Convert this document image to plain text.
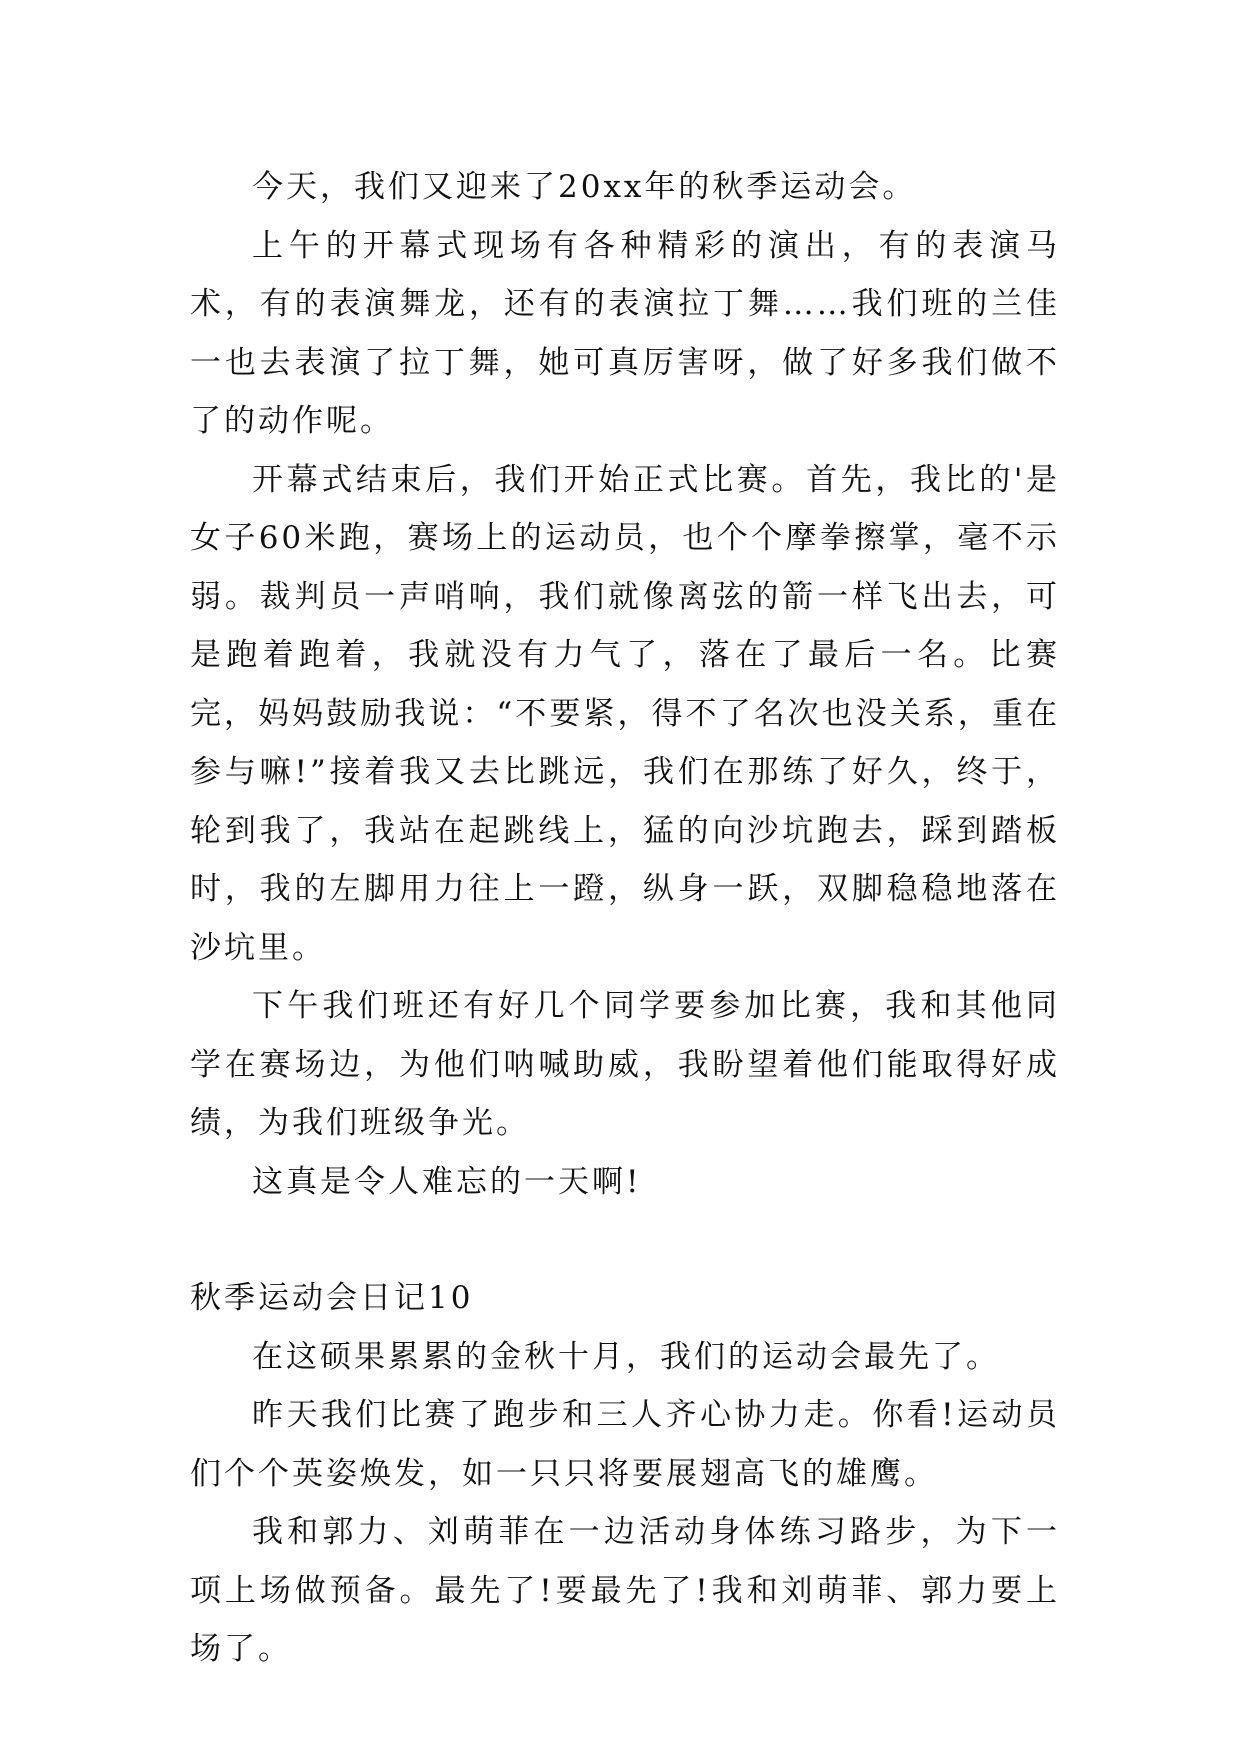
今天，我们又迎来了20xx年的秋季运动会。

上午的开幕式现场有各种精彩的演出，有的表演马术，有的表演舞龙，还有的表演拉丁舞……我们班的兰佳一也去表演了拉丁舞，她可真厉害呀，做了好多我们做不了的动作呢。

开幕式结束后，我们开始正式比赛。首先，我比的'是女子60米跑，赛场上的运动员，也个个摩拳擦掌，毫不示弱。裁判员一声哨响，我们就像离弦的箭一样飞出去，可是跑着跑着，我就没有力气了，落在了最后一名。比赛完，妈妈鼓励我说：“不要紧，得不了名次也没关系，重在参与嘛!”接着我又去比跳远，我们在那练了好久，终于，轮到我了，我站在起跳线上，猛的向沙坑跑去，踩到踏板时，我的左脚用力往上一蹬，纵身一跃，双脚稳稳地落在沙坑里。

下午我们班还有好几个同学要参加比赛，我和其他同学在赛场边，为他们呐喊助威，我盼望着他们能取得好成绩，为我们班级争光。

这真是令人难忘的一天啊!

秋季运动会日记10

在这硕果累累的金秋十月，我们的运动会最先了。

昨天我们比赛了跑步和三人齐心协力走。你看!运动员们个个英姿焕发，如一只只将要展翅高飞的雄鹰。

我和郭力、刘萌菲在一边活动身体练习路步，为下一项上场做预备。最先了!要最先了!我和刘萌菲、郭力要上场了。
